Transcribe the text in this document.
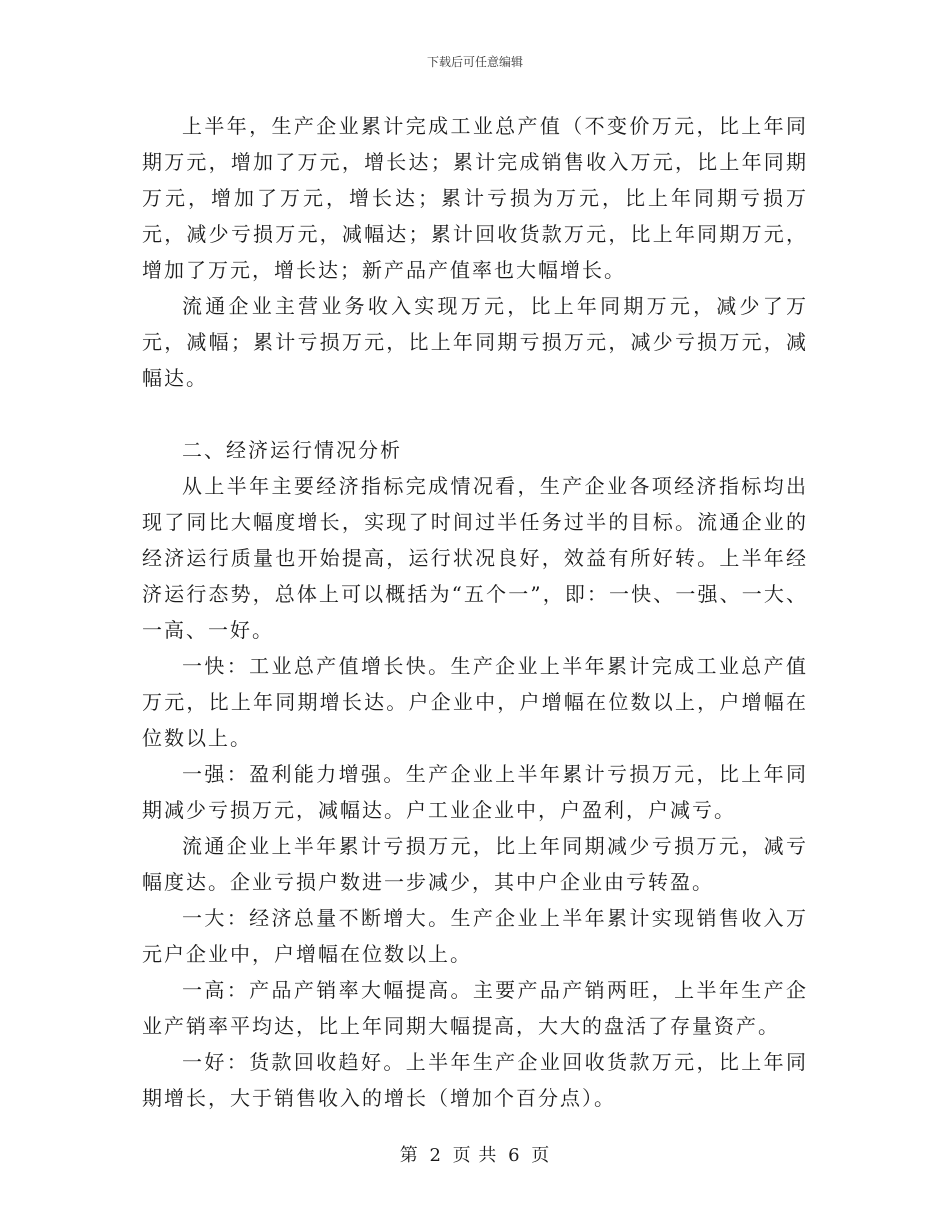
下载后可任意编辑

上半年，生产企业累计完成工业总产值（不变价万元，比上年同期万元，增加了万元，增长达；累计完成销售收入万元，比上年同期万元，增加了万元，增长达；累计亏损为万元，比上年同期亏损万元，减少亏损万元，减幅达；累计回收货款万元，比上年同期万元，增加了万元，增长达；新产品产值率也大幅增长。

流通企业主营业务收入实现万元，比上年同期万元，减少了万元，减幅；累计亏损万元，比上年同期亏损万元，减少亏损万元，减幅达。

二、经济运行情况分析

从上半年主要经济指标完成情况看，生产企业各项经济指标均出现了同比大幅度增长，实现了时间过半任务过半的目标。流通企业的经济运行质量也开始提高，运行状况良好，效益有所好转。上半年经济运行态势，总体上可以概括为“五个一”，即：一快、一强、一大、一高、一好。

一快：工业总产值增长快。生产企业上半年累计完成工业总产值万元，比上年同期增长达。户企业中，户增幅在位数以上，户增幅在位数以上。

一强：盈利能力增强。生产企业上半年累计亏损万元，比上年同期减少亏损万元，减幅达。户工业企业中，户盈利，户减亏。

流通企业上半年累计亏损万元，比上年同期减少亏损万元，减亏幅度达。企业亏损户数进一步减少，其中户企业由亏转盈。

一大：经济总量不断增大。生产企业上半年累计实现销售收入万元户企业中，户增幅在位数以上。

一高：产品产销率大幅提高。主要产品产销两旺，上半年生产企业产销率平均达，比上年同期大幅提高，大大的盘活了存量资产。

一好：货款回收趋好。上半年生产企业回收货款万元，比上年同期增长，大于销售收入的增长（增加个百分点）。

第 2 页 共 6 页
